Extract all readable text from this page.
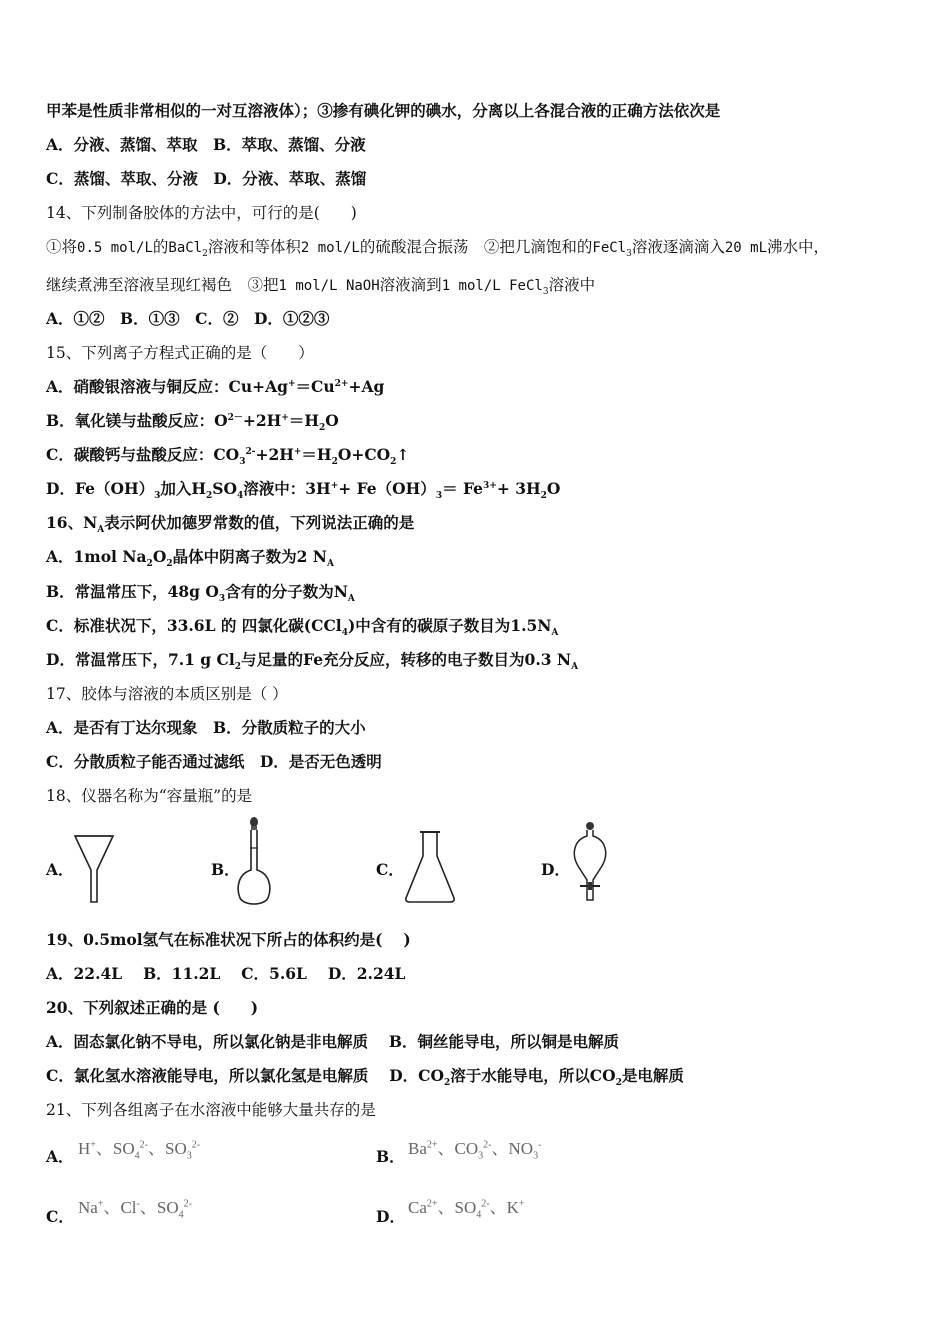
甲苯是性质非常相似的一对互溶液体）；③掺有碘化钾的碘水，分离以上各混合液的正确方法依次是
A．分液、蒸馏、萃取　B．萃取、蒸馏、分液
C．蒸馏、萃取、分液　D．分液、萃取、蒸馏
14、下列制备胶体的方法中，可行的是(　　)
①将0.5 mol/L的BaCl$_2$溶液和等体积2 mol/L的硫酸混合振荡　②把几滴饱和的FeCl$_3$溶液逐滴滴入20 mL沸水中，
继续煮沸至溶液呈现红褐色　③把1 mol/L NaOH溶液滴到1 mol/L FeCl$_3$溶液中
A．①②　B．①③　C．②　D．①②③
15、下列离子方程式正确的是（　　）
A．硝酸银溶液与铜反应：$Cu+Ag^+=Cu^{2+}+Ag$
B．氧化镁与盐酸反应：$O^{2-}+2H^+=H_2O$
C．碳酸钙与盐酸反应：$CO_3^{2-}+2H^+=H_2O+CO_2↑$
D．$Fe(OH)_3$加入$H_2SO_4$溶液中：$3H^++ Fe(OH)_3= Fe^{3+}+ 3H_2O$
16、$N_A$表示阿伏加德罗常数的值，下列说法正确的是
A．1mol $Na_2O_2$晶体中阴离子数为2 $N_A$
B．常温常压下，48g $O_3$含有的分子数为$N_A$
C．标准状况下，33.6L 的 四氯化碳(CCl$_4$)中含有的碳原子数目为$1.5N_A$
D．常温常压下，7.1 g $Cl_2$与足量的Fe充分反应，转移的电子数目为0.3 $N_A$
17、胶体与溶液的本质区别是（ ）
A．是否有丁达尔现象　B．分散质粒子的大小
C．分散质粒子能否通过滤纸　D．是否无色透明
18、仪器名称为“容量瓶”的是
A．	B．	C．	D．
19、0.5mol氢气在标准状况下所占的体积约是(　 )
A．22.4L　 B．11.2L　 C．5.6L　 D．2.24L
20、下列叙述正确的是 (　　)
A．固态氯化钠不导电，所以氯化钠是非电解质　 B．铜丝能导电，所以铜是电解质
C．氯化氢水溶液能导电，所以氯化氢是电解质　 D．$CO_2$溶于水能导电，所以$CO_2$是电解质
21、下列各组离子在水溶液中能够大量共存的是
A． H+、$SO_4^{2-}$、$SO_3^{2-}$
B． $Ba^{2+}$、$CO_3^{2-}$、$NO_3^-$
C． Na+、Cl-、$SO_4^{2-}$
D． $Ca^{2+}$、$SO_4^{2-}$、K+
